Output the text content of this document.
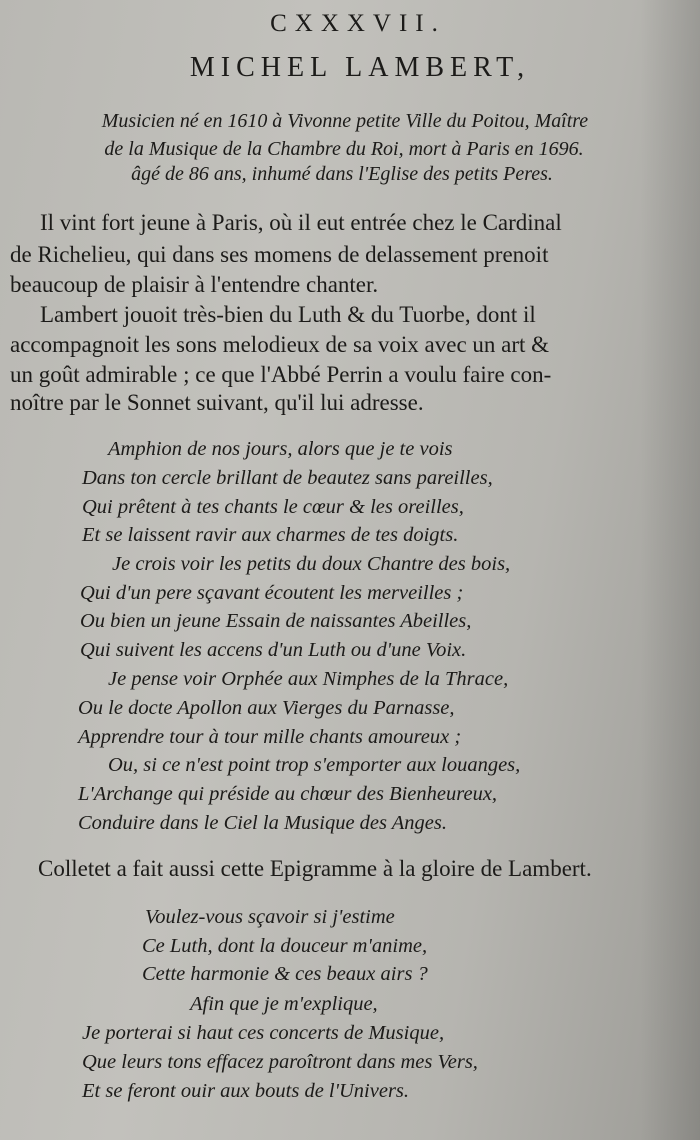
CXXXVII.
MICHEL LAMBERT,
Musicien né en 1610 à Vivonne petite Ville du Poitou, Maître
de la Musique de la Chambre du Roi, mort à Paris en 1696.
âgé de 86 ans, inhumé dans l'Eglise des petits Peres.
Il vint fort jeune à Paris, où il eut entrée chez le Cardinal
de Richelieu, qui dans ses momens de delassement prenoit
beaucoup de plaisir à l'entendre chanter.
Lambert jouoit très-bien du Luth & du Tuorbe, dont il
accompagnoit les sons melodieux de sa voix avec un art &
un goût admirable ; ce que l'Abbé Perrin a voulu faire con-
noître par le Sonnet suivant, qu'il lui adresse.
Amphion de nos jours, alors que je te vois
Dans ton cercle brillant de beautez sans pareilles,
Qui prêtent à tes chants le cœur & les oreilles,
Et se laissent ravir aux charmes de tes doigts.
Je crois voir les petits du doux Chantre des bois,
Qui d'un pere sçavant écoutent les merveilles ;
Ou bien un jeune Essain de naissantes Abeilles,
Qui suivent les accens d'un Luth ou d'une Voix.
Je pense voir Orphée aux Nimphes de la Thrace,
Ou le docte Apollon aux Vierges du Parnasse,
Apprendre tour à tour mille chants amoureux ;
Ou, si ce n'est point trop s'emporter aux louanges,
L'Archange qui préside au chœur des Bienheureux,
Conduire dans le Ciel la Musique des Anges.
Colletet a fait aussi cette Epigramme à la gloire de Lambert.
Voulez-vous sçavoir si j'estime
Ce Luth, dont la douceur m'anime,
Cette harmonie & ces beaux airs ?
Afin que je m'explique,
Je porterai si haut ces concerts de Musique,
Que leurs tons effacez paroîtront dans mes Vers,
Et se feront ouir aux bouts de l'Univers.
